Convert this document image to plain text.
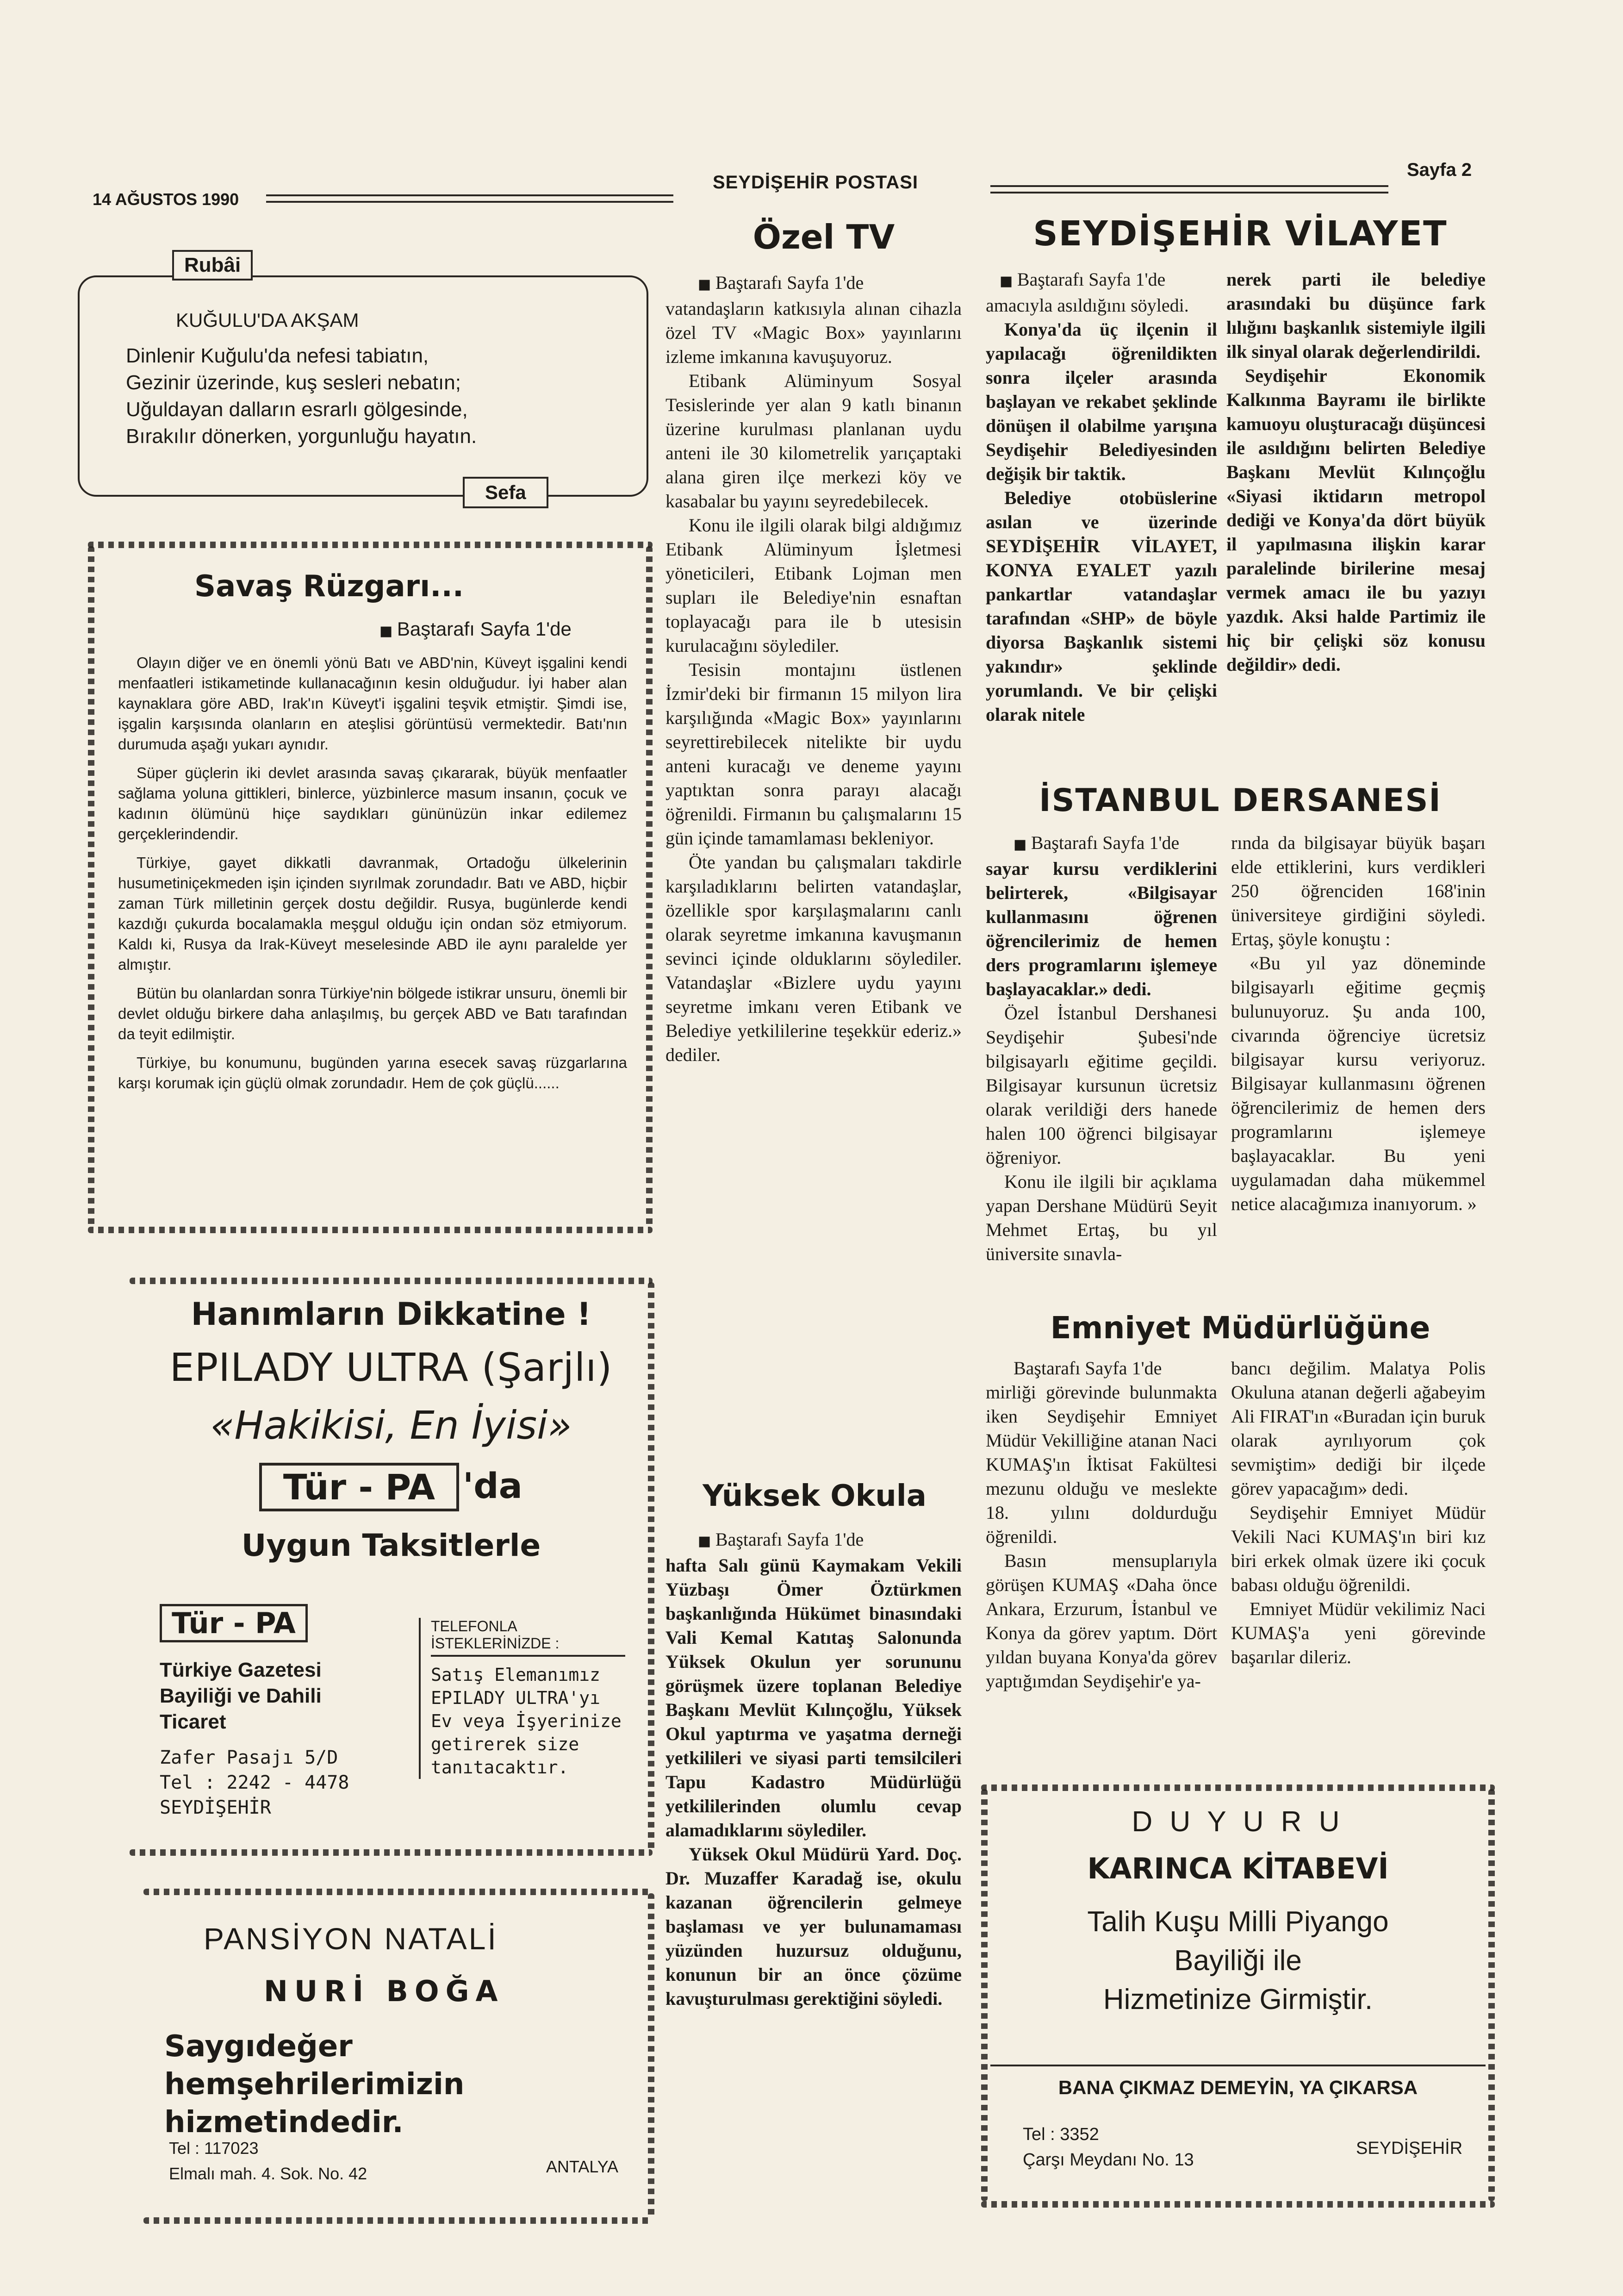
14 AĞUSTOS 1990
SEYDİŞEHİR POSTASI
Sayfa 2
Rubâi
KUĞULU'DA AKŞAM
Dinlenir Kuğulu'da nefesi tabiatın,
Gezinir üzerinde, kuş sesleri nebatın;
Uğuldayan dalların esrarlı gölgesinde,
Bırakılır dönerken, yorgunluğu hayatın.
Sefa
Savaş Rüzgarı...
■ Baştarafı Sayfa 1'de

Olayın diğer ve en önemli yönü Batı ve ABD'nin, Küveyt işgalini kendi menfaatleri istikametinde kullanacağının kesin olduğudur. İyi haber alan kaynaklara göre ABD, Irak'ın Küveyt'i işgalini teşvik etmiştir. Şimdi ise, işgalin karşısında olanların en ateşlisi görüntüsü vermektedir. Batı'nın durumuda aşağı yukarı aynıdır.

Süper güçlerin iki devlet arasında savaş çıkararak, büyük menfaatler sağlama yoluna gittikleri, binlerce, yüzbinlerce masum insanın, çocuk ve kadının ölümünü hiçe saydıkları gününüzün inkar edilemez gerçeklerindendir.

Türkiye, gayet dikkatli davranmak, Ortadoğu ülkelerinin husumetiniçekmeden işin içinden sıyrılmak zorundadır. Batı ve ABD, hiçbir zaman Türk milletinin gerçek dostu değildir. Rusya, bugünlerde kendi kazdığı çukurda bocalamakla meşgul olduğu için ondan söz etmiyorum. Kaldı ki, Rusya da Irak-Küveyt meselesinde ABD ile aynı paralelde yer almıştır.

Bütün bu olanlardan sonra Türkiye'nin bölgede istikrar unsuru, önemli bir devlet olduğu birkere daha anlaşılmış, bu gerçek ABD ve Batı tarafından da teyit edilmiştir.

Türkiye, bu konumunu, bugünden yarına esecek savaş rüzgarlarına karşı korumak için güçlü olmak zorundadır. Hem de çok güçlü......

Hanımların Dikkatine !
EPILADY ULTRA (Şarjlı)
«Hakikisi, En İyisi»
Tür - PA 'da
Uygun Taksitlerle
Tür - PA
Türkiye Gazetesi
Bayiliği ve Dahili
Ticaret
Zafer Pasajı 5/D
Tel : 2242 - 4478
SEYDİŞEHİR
TELEFONLA
İSTEKLERİNİZDE :
Satış Elemanımız EPILADY ULTRA'yı Ev veya İşyerinize getirerek size tanıtacaktır.
PANSİYON NATALİ
NURİ BOĞA
Saygıdeğer hemşehrilerimizin hizmetindedir.
Tel : 117023
Elmalı mah. 4. Sok. No. 42	ANTALYA
Özel TV

■ Baştarafı Sayfa 1'de

vatandaşların katkısıyla alınan cihazla özel TV «Magic Box» yayınlarını izleme imkanına kavuşuyoruz.

Etibank Alüminyum Sosyal Tesislerinde yer alan 9 katlı binanın üzerine kurulması planlanan uydu anteni ile 30 kilometrelik yarıçaptaki alana giren ilçe merkezi köy ve kasabalar bu yayını seyredebilecek.

Konu ile ilgili olarak bilgi aldığımız Etibank Alüminyum İşletmesi yöneticileri, Etibank Lojman men supları ile Belediye'nin esnaftan toplayacağı para ile b utesisin kurulacağını söylediler.

Tesisin montajını üstlenen İzmir'deki bir firmanın 15 milyon lira karşılığında «Magic Box» yayınlarını seyrettirebilecek nitelikte bir uydu anteni kuracağı ve deneme yayını yaptıktan sonra parayı alacağı öğrenildi. Firmanın bu çalışmalarını 15 gün içinde tamamlaması bekleniyor.

Öte yandan bu çalışmaları takdirle karşıladıklarını belirten vatandaşlar, özellikle spor karşılaşmalarını canlı olarak seyretme imkanına kavuşmanın sevinci içinde olduklarını söylediler. Vatandaşlar «Bizlere uydu yayını seyretme imkanı veren Etibank ve Belediye yetkililerine teşekkür ederiz.» dediler.

Yüksek Okula

■ Baştarafı Sayfa 1'de

hafta Salı günü Kaymakam Vekili Yüzbaşı Ömer Öztürkmen başkanlığında Hükümet binasındaki Vali Kemal Katıtaş Salonunda Yüksek Okulun yer sorununu görüşmek üzere toplanan Belediye Başkanı Mevlüt Kılınçoğlu, Yüksek Okul yaptırma ve yaşatma derneği yetkilileri ve siyasi parti temsilcileri Tapu Kadastro Müdürlüğü yetkililerinden olumlu cevap alamadıklarını söylediler.

Yüksek Okul Müdürü Yard. Doç. Dr. Muzaffer Karadağ ise, okulu kazanan öğrencilerin gelmeye başlaması ve yer bulunamaması yüzünden huzursuz olduğunu, konunun bir an önce çözüme kavuşturulması gerektiğini söyledi.

SEYDİŞEHİR VİLAYET

■ Baştarafı Sayfa 1'de

amacıyla asıldığını söyledi.

Konya'da üç ilçenin il yapılacağı öğrenildikten sonra ilçeler arasında başlayan ve rekabet şeklinde dönüşen il olabilme yarışına Seydişehir Belediyesinden değişik bir taktik.

Belediye otobüslerine asılan ve üzerinde SEYDİŞEHİR VİLAYET, KONYA EYALET yazılı pankartlar vatandaşlar tarafından «SHP» de böyle diyorsa Başkanlık sistemi yakındır» şeklinde yorumlandı. Ve bir çelişki olarak nitele

nerek parti ile belediye arasındaki bu düşünce fark lılığını başkanlık sistemiyle ilgili ilk sinyal olarak değerlendirildi.

Seydişehir Ekonomik Kalkınma Bayramı ile birlikte kamuoyu oluşturacağı düşüncesi ile asıldığını belirten Belediye Başkanı Mevlüt Kılınçoğlu «Siyasi iktidarın metropol dediği ve Konya'da dört büyük il yapılmasına ilişkin karar paralelinde birilerine mesaj vermek amacı ile bu yazıyı yazdık. Aksi halde Partimiz ile hiç bir çelişki söz konusu değildir» dedi.

İSTANBUL DERSANESİ

■ Baştarafı Sayfa 1'de

sayar kursu verdiklerini belirterek, «Bilgisayar kullanmasını öğrenen öğrencilerimiz de hemen ders programlarını işlemeye başlayacaklar.» dedi.

Özel İstanbul Dershanesi Seydişehir Şubesi'nde bilgisayarlı eğitime geçildi. Bilgisayar kursunun ücretsiz olarak verildiği ders hanede halen 100 öğrenci bilgisayar öğreniyor.

Konu ile ilgili bir açıklama yapan Dershane Müdürü Seyit Mehmet Ertaş, bu yıl üniversite sınavla-

rında da bilgisayar büyük başarı elde ettiklerini, kurs verdikleri 250 öğrenciden 168'inin üniversiteye girdiğini söyledi. Ertaş, şöyle konuştu :

«Bu yıl yaz döneminde bilgisayarlı eğitime geçmiş bulunuyoruz. Şu anda 100, civarında öğrenciye ücretsiz bilgisayar kursu veriyoruz. Bilgisayar kullanmasını öğrenen öğrencilerimiz de hemen ders programlarını işlemeye başlayacaklar. Bu yeni uygulamadan daha mükemmel netice alacağımıza inanıyorum. »

Emniyet Müdürlüğüne

Baştarafı Sayfa 1'de

mirliği görevinde bulunmakta iken Seydişehir Emniyet Müdür Vekilliğine atanan Naci KUMAŞ'ın İktisat Fakültesi mezunu olduğu ve meslekte 18. yılını doldurduğu öğrenildi.

Basın mensuplarıyla görüşen KUMAŞ «Daha önce Ankara, Erzurum, İstanbul ve Konya da görev yaptım. Dört yıldan buyana Konya'da görev yaptığımdan Seydişehir'e ya-

bancı değilim. Malatya Polis Okuluna atanan değerli ağabeyim Ali FIRAT'ın «Buradan için buruk olarak ayrılıyorum çok sevmiştim» dediği bir ilçede görev yapacağım» dedi.

Seydişehir Emniyet Müdür Vekili Naci KUMAŞ'ın biri kız biri erkek olmak üzere iki çocuk babası olduğu öğrenildi.

Emniyet Müdür vekilimiz Naci KUMAŞ'a yeni görevinde başarılar dileriz.

D U Y U R U
KARINCA KİTABEVİ
Talih Kuşu Milli Piyango
Bayiliği ile
Hizmetinize Girmiştir.
BANA ÇIKMAZ DEMEYİN, YA ÇIKARSA
Tel : 3352
Çarşı Meydanı No. 13
SEYDİŞEHİR
